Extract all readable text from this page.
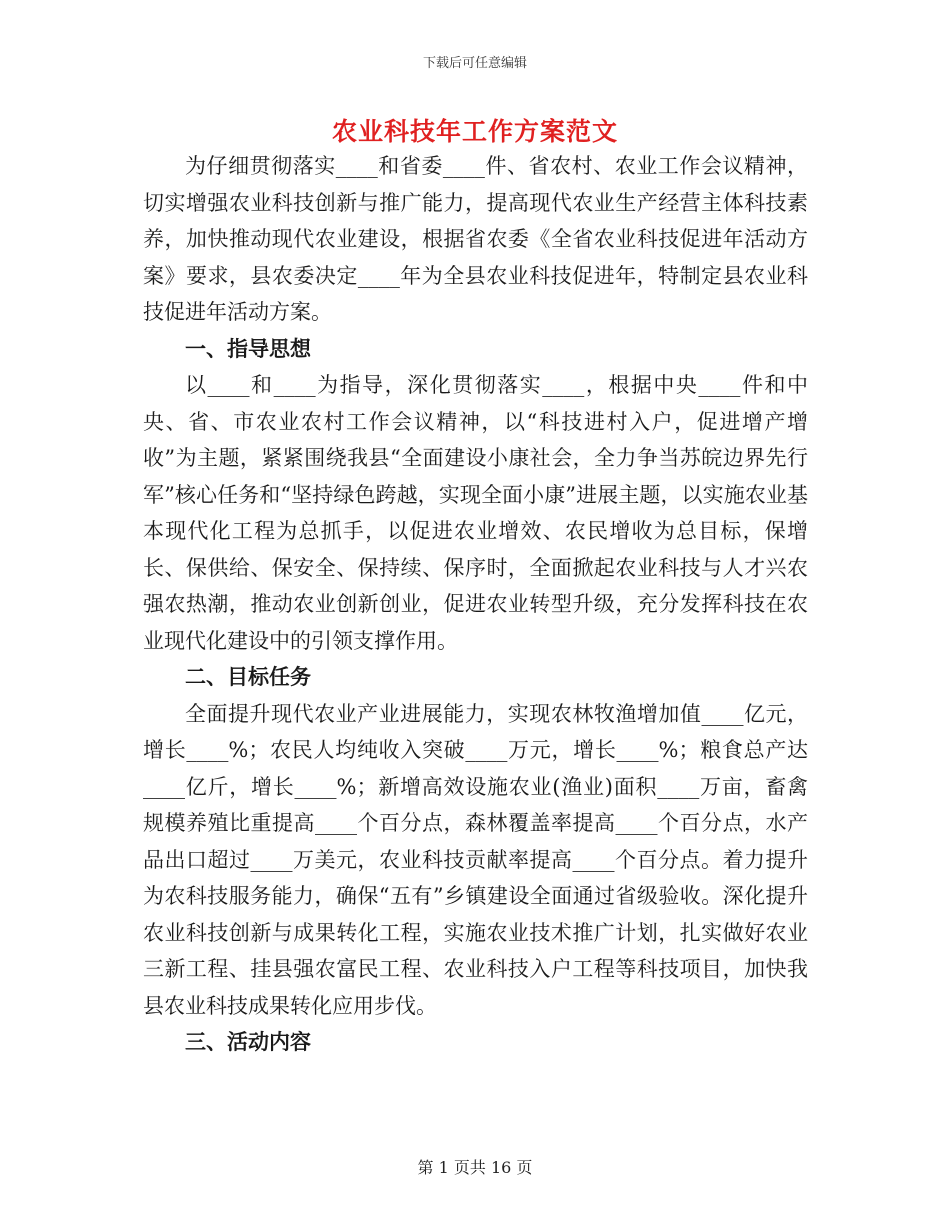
下载后可任意编辑
农业科技年工作方案范文

为仔细贯彻落实____和省委____件、省农村、农业工作会议精神，切实增强农业科技创新与推广能力，提高现代农业生产经营主体科技素养，加快推动现代农业建设，根据省农委《全省农业科技促进年活动方案》要求，县农委决定____年为全县农业科技促进年，特制定县农业科技促进年活动方案。

一、指导思想

以____和____为指导，深化贯彻落实____，根据中央____件和中央、省、市农业农村工作会议精神，以“科技进村入户，促进增产增收”为主题，紧紧围绕我县“全面建设小康社会，全力争当苏皖边界先行军”核心任务和“坚持绿色跨越，实现全面小康”进展主题，以实施农业基本现代化工程为总抓手，以促进农业增效、农民增收为总目标，保增长、保供给、保安全、保持续、保序时，全面掀起农业科技与人才兴农强农热潮，推动农业创新创业，促进农业转型升级，充分发挥科技在农业现代化建设中的引领支撑作用。

二、目标任务

全面提升现代农业产业进展能力，实现农林牧渔增加值____亿元，增长____%；农民人均纯收入突破____万元，增长____%；粮食总产达____亿斤，增长____%；新增高效设施农业(渔业)面积____万亩，畜禽规模养殖比重提高____个百分点，森林覆盖率提高____个百分点，水产品出口超过____万美元，农业科技贡献率提高____个百分点。着力提升为农科技服务能力，确保“五有”乡镇建设全面通过省级验收。深化提升农业科技创新与成果转化工程，实施农业技术推广计划，扎实做好农业三新工程、挂县强农富民工程、农业科技入户工程等科技项目，加快我县农业科技成果转化应用步伐。

三、活动内容
第 1 页共 16 页
